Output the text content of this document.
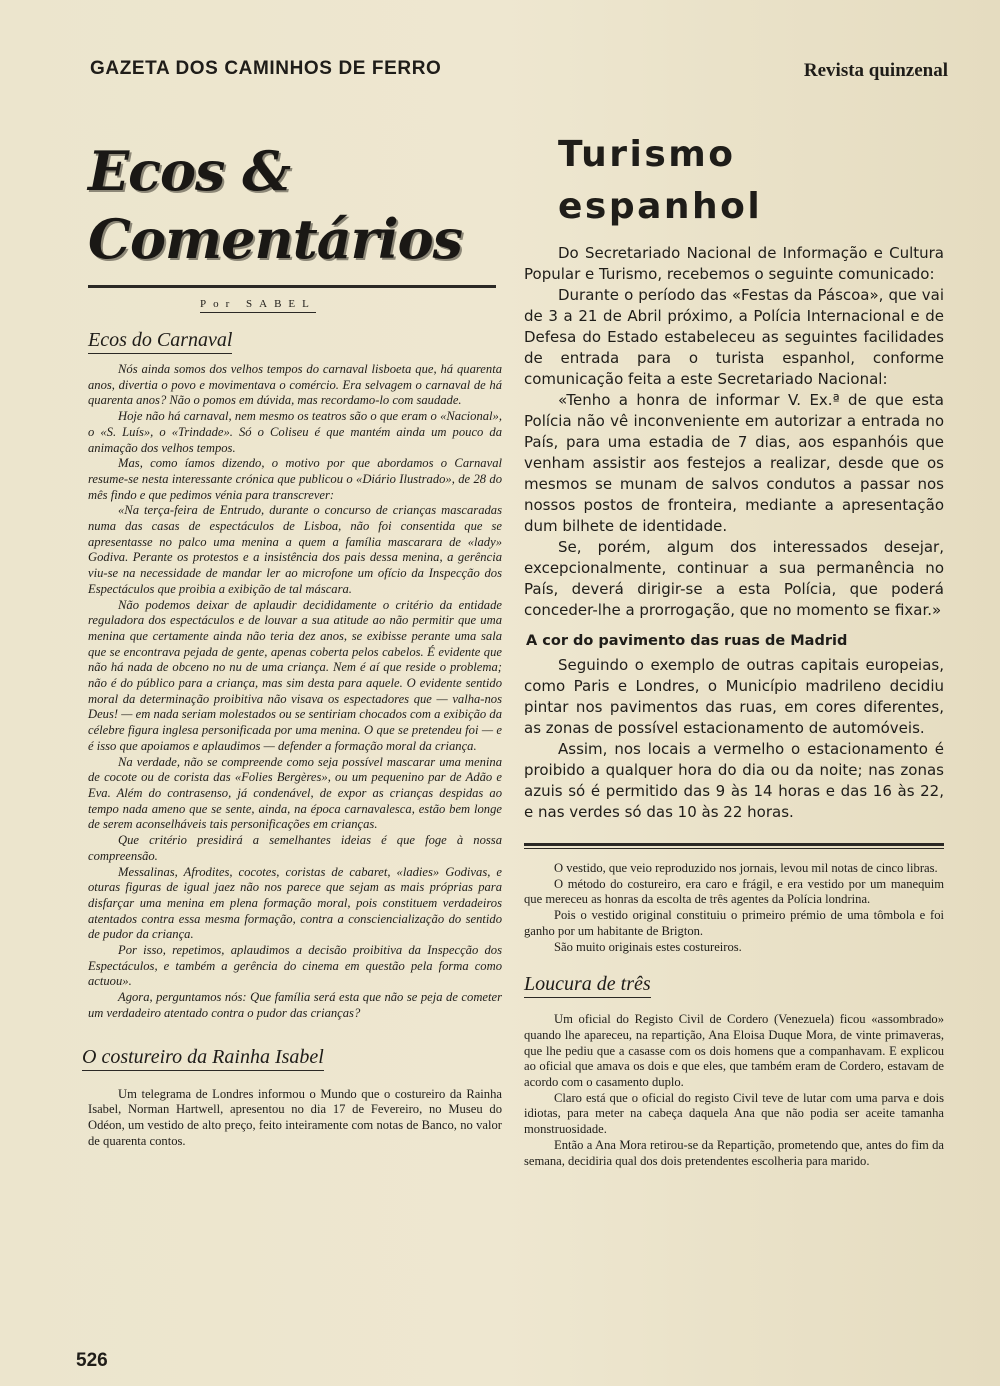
GAZETA DOS CAMINHOS DE FERRO	Revista quinzenal
Ecos & Comentários
Por SABEL
Ecos do Carnaval

Nós ainda somos dos velhos tempos do carnaval lisboeta que, há quarenta anos, divertia o povo e movimentava o comércio. Era selvagem o carnaval de há quarenta anos? Não o pomos em dúvida, mas recordamo-lo com saudade.

Hoje não há carnaval, nem mesmo os teatros são o que eram o «Nacional», o «S. Luís», o «Trindade». Só o Coliseu é que mantém ainda um pouco da animação dos velhos tempos.

Mas, como íamos dizendo, o motivo por que abordamos o Carnaval resume-se nesta interessante crónica que publicou o «Diário Ilustrado», de 28 do mês findo e que pedimos vénia para transcrever:

«Na terça-feira de Entrudo, durante o concurso de crianças mascaradas numa das casas de espectáculos de Lisboa, não foi consentida que se apresentasse no palco uma menina a quem a família mascarara de «lady» Godiva. Perante os protestos e a insistência dos pais dessa menina, a gerência viu-se na necessidade de mandar ler ao microfone um ofício da Inspecção dos Espectáculos que proibia a exibição de tal máscara.

Não podemos deixar de aplaudir decididamente o critério da entidade reguladora dos espectáculos e de louvar a sua atitude ao não permitir que uma menina que certamente ainda não teria dez anos, se exibisse perante uma sala que se encontrava pejada de gente, apenas coberta pelos cabelos. É evidente que não há nada de obceno no nu de uma criança. Nem é aí que reside o problema; não é do público para a criança, mas sim desta para aquele. O evidente sentido moral da determinação proibitiva não visava os espectadores que — valha-nos Deus! — em nada seriam molestados ou se sentiriam chocados com a exibição da célebre figura inglesa personificada por uma menina. O que se pretendeu foi — e é isso que apoiamos e aplaudimos — defender a formação moral da criança.

Na verdade, não se compreende como seja possível mascarar uma menina de cocote ou de corista das «Folies Bergères», ou um pequenino par de Adão e Eva. Além do contrasenso, já condenável, de expor as crianças despidas ao tempo nada ameno que se sente, ainda, na época carnavalesca, estão bem longe de serem aconselháveis tais personificações em crianças.

Que critério presidirá a semelhantes ideias é que foge à nossa compreensão.

Messalinas, Afrodites, cocotes, coristas de cabaret, «ladies» Godivas, e oturas figuras de igual jaez não nos parece que sejam as mais próprias para disfarçar uma menina em plena formação moral, pois constituem verdadeiros atentados contra essa mesma formação, contra a consciencialização do sentido de pudor da criança.

Por isso, repetimos, aplaudimos a decisão proibitiva da Inspecção dos Espectáculos, e também a gerência do cinema em questão pela forma como actuou».

Agora, perguntamos nós: Que família será esta que não se peja de cometer um verdadeiro atentado contra o pudor das crianças?

O costureiro da Rainha Isabel

Um telegrama de Londres informou o Mundo que o costureiro da Rainha Isabel, Norman Hartwell, apresentou no dia 17 de Fevereiro, no Museu do Odéon, um vestido de alto preço, feito inteiramente com notas de Banco, no valor de quarenta contos.

Turismo espanhol

Do Secretariado Nacional de Informação e Cultura Popular e Turismo, recebemos o seguinte comunicado:

Durante o período das «Festas da Páscoa», que vai de 3 a 21 de Abril próximo, a Polícia Internacional e de Defesa do Estado estabeleceu as seguintes facilidades de entrada para o turista espanhol, conforme comunicação feita a este Secretariado Nacional:

«Tenho a honra de informar V. Ex.ª de que esta Polícia não vê inconveniente em autorizar a entrada no País, para uma estadia de 7 dias, aos espanhóis que venham assistir aos festejos a realizar, desde que os mesmos se munam de salvos condutos a passar nos nossos postos de fronteira, mediante a apresentação dum bilhete de identidade.

Se, porém, algum dos interessados desejar, excepcionalmente, continuar a sua permanência no País, deverá dirigir-se a esta Polícia, que poderá conceder-lhe a prorrogação, que no momento se fixar.»

A cor do pavimento das ruas de Madrid

Seguindo o exemplo de outras capitais europeias, como Paris e Londres, o Município madrileno decidiu pintar nos pavimentos das ruas, em cores diferentes, as zonas de possível estacionamento de automóveis.

Assim, nos locais a vermelho o estacionamento é proibido a qualquer hora do dia ou da noite; nas zonas azuis só é permitido das 9 às 14 horas e das 16 às 22, e nas verdes só das 10 às 22 horas.

O vestido, que veio reproduzido nos jornais, levou mil notas de cinco libras.

O método do costureiro, era caro e frágil, e era vestido por um manequim que mereceu as honras da escolta de três agentes da Polícia londrina.

Pois o vestido original constituiu o primeiro prémio de uma tômbola e foi ganho por um habitante de Brigton.

São muito originais estes costureiros.

Loucura de três

Um oficial do Registo Civil de Cordero (Venezuela) ficou «assombrado» quando lhe apareceu, na repartição, Ana Eloisa Duque Mora, de vinte primaveras, que lhe pediu que a casasse com os dois homens que a companhavam. E explicou ao oficial que amava os dois e que eles, que também eram de Cordero, estavam de acordo com o casamento duplo.

Claro está que o oficial do registo Civil teve de lutar com uma parva e dois idiotas, para meter na cabeça daquela Ana que não podia ser aceite tamanha monstruosidade.

Então a Ana Mora retirou-se da Repartição, prometendo que, antes do fim da semana, decidiria qual dos dois pretendentes escolheria para marido.

526
